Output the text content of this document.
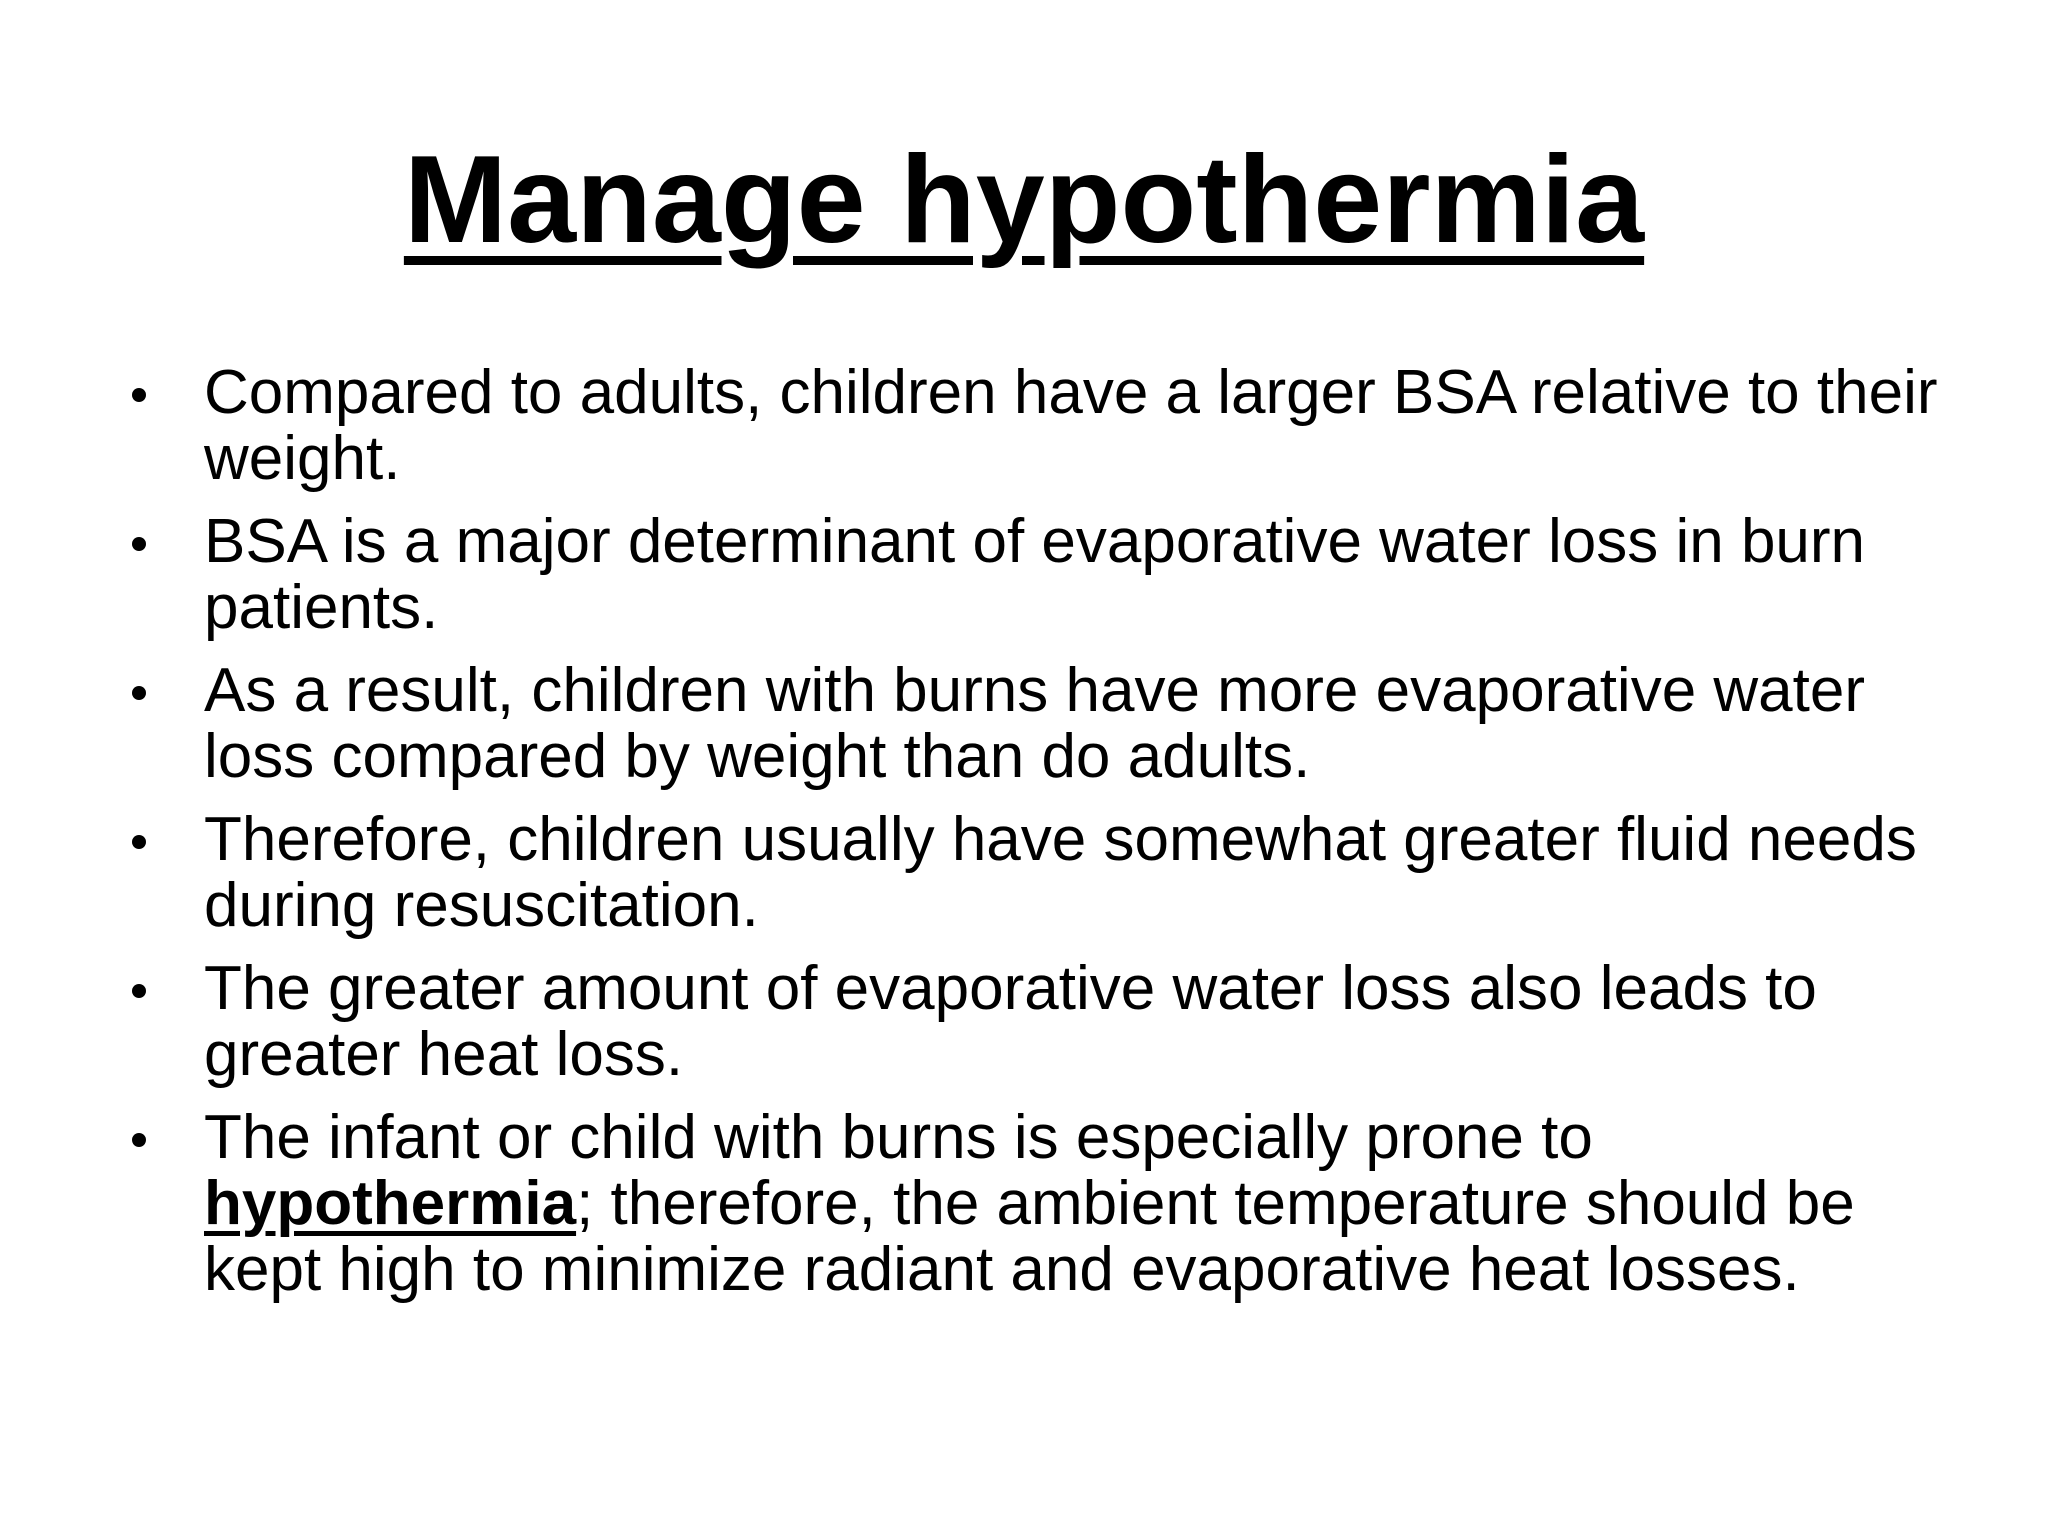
Manage hypothermia
Compared to adults, children have a larger BSA relative to their weight.
BSA is a major determinant of evaporative water loss in burn patients.
As a result, children with burns have more evaporative water loss compared by weight than do adults.
Therefore, children usually have somewhat greater fluid needs during resuscitation.
The greater amount of evaporative water loss also leads to greater heat loss.
The infant or child with burns is especially prone to hypothermia; therefore, the ambient temperature should be kept high to minimize radiant and evaporative heat losses.
